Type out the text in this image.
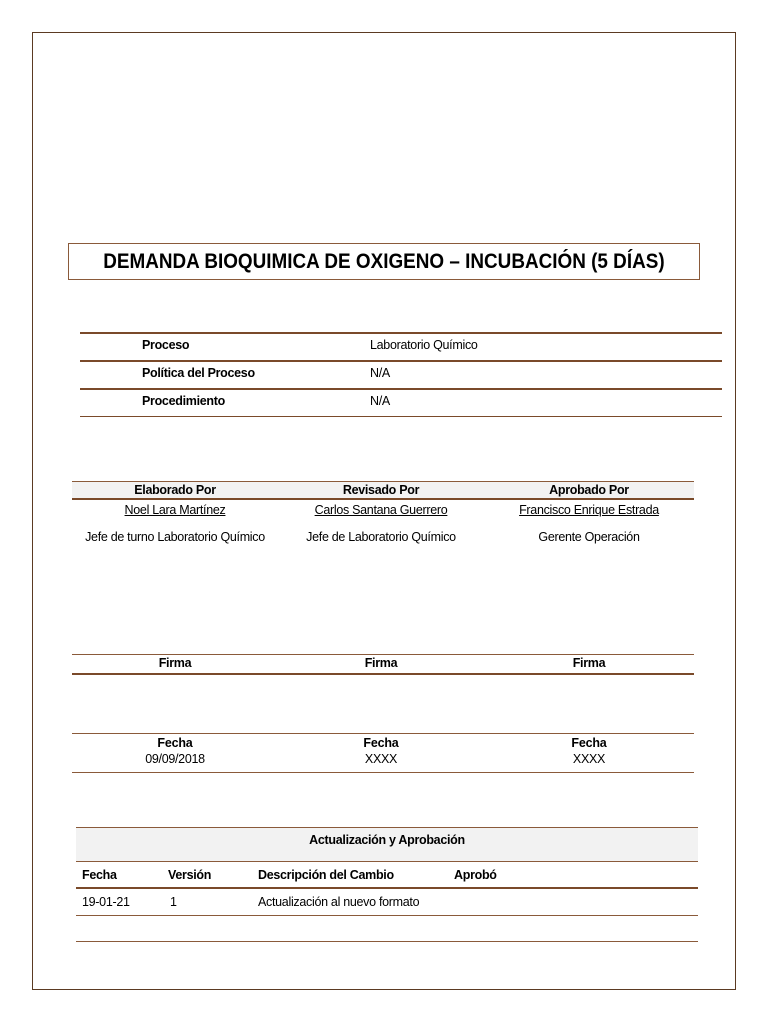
DEMANDA BIOQUIMICA DE OXIGENO – INCUBACIÓN (5 DÍAS)
Proceso	Laboratorio Químico
Política del Proceso	N/A
Procedimiento	N/A
Elaborado Por	Revisado Por	Aprobado Por
Noel Lara Martínez	Carlos Santana Guerrero	Francisco Enrique Estrada
Jefe de turno Laboratorio Químico	Jefe de Laboratorio Químico	Gerente Operación
Firma	Firma	Firma
Fecha	Fecha	Fecha
09/09/2018	XXXX	XXXX
Actualización y Aprobación
Fecha	Versión	Descripción del Cambio	Aprobó
19-01-21	1	Actualización al nuevo formato
